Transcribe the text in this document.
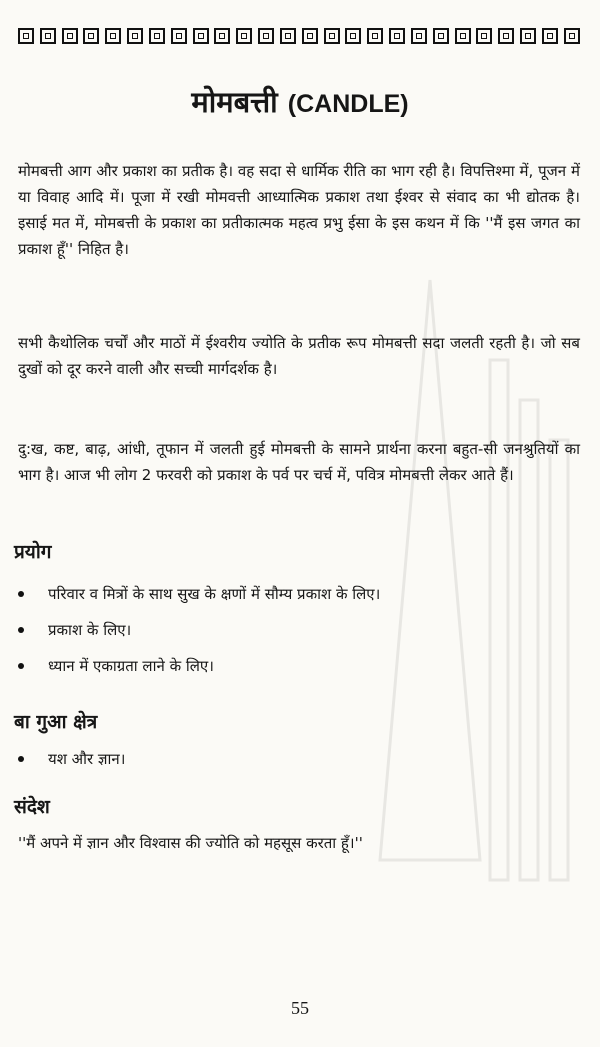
मोमबत्ती (CANDLE)

मोमबत्ती आग और प्रकाश का प्रतीक है। वह सदा से धार्मिक रीति का भाग रही है। विपत्तिश्मा में, पूजन में या विवाह आदि में। पूजा में रखी मोमवत्ती आध्यात्मिक प्रकाश तथा ईश्वर से संवाद का भी द्योतक है। इसाई मत में, मोमबत्ती के प्रकाश का प्रतीकात्मक महत्व प्रभु ईसा के इस कथन में कि ''मैं इस जगत का प्रकाश हूँ'' निहित है।

सभी कैथोलिक चर्चों और माठों में ईश्वरीय ज्योति के प्रतीक रूप मोमबत्ती सदा जलती रहती है। जो सब दुखों को दूर करने वाली और सच्ची मार्गदर्शक है।

दु:ख, कष्ट, बाढ़, आंधी, तूफान में जलती हुई मोमबत्ती के सामने प्रार्थना करना बहुत-सी जनश्रुतियों का भाग है। आज भी लोग 2 फरवरी को प्रकाश के पर्व पर चर्च में, पवित्र मोमबत्ती लेकर आते हैं।

प्रयोग
परिवार व मित्रों के साथ सुख के क्षणों में सौम्य प्रकाश के लिए।
प्रकाश के लिए।
ध्यान में एकाग्रता लाने के लिए।
बा गुआ क्षेत्र
यश और ज्ञान।
संदेश
''मैं अपने में ज्ञान और विश्वास की ज्योति को महसूस करता हूँ।''
55
